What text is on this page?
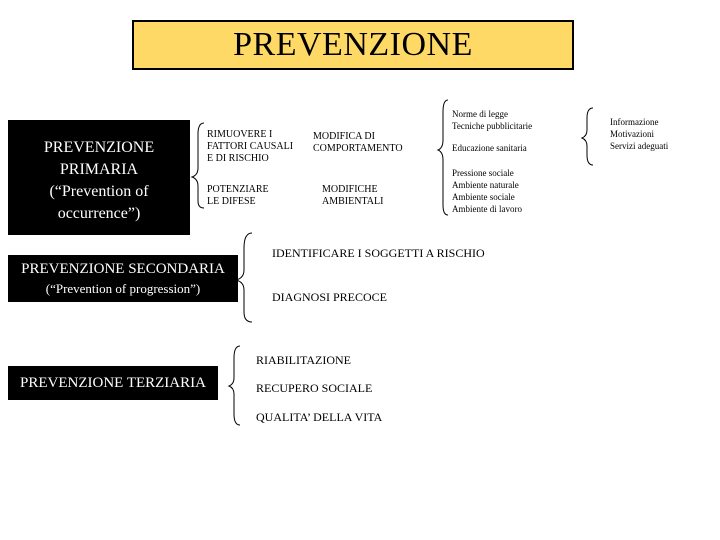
PREVENZIONE
PREVENZIONE
PRIMARIA
(“Prevention of
occurrence”)
RIMUOVERE I
FATTORI CAUSALI
E DI RISCHIO
MODIFICA DI
COMPORTAMENTO
POTENZIARE
LE DIFESE
MODIFICHE
AMBIENTALI
Norme di legge
Tecniche pubblicitarie
Educazione sanitaria
Pressione sociale
Ambiente naturale
Ambiente sociale
Ambiente di lavoro
Informazione
Motivazioni
Servizi adeguati
PREVENZIONE SECONDARIA
(“Prevention of progression”)
IDENTIFICARE I SOGGETTI A RISCHIO
DIAGNOSI PRECOCE
PREVENZIONE TERZIARIA
RIABILITAZIONE
RECUPERO SOCIALE
QUALITA’ DELLA VITA
